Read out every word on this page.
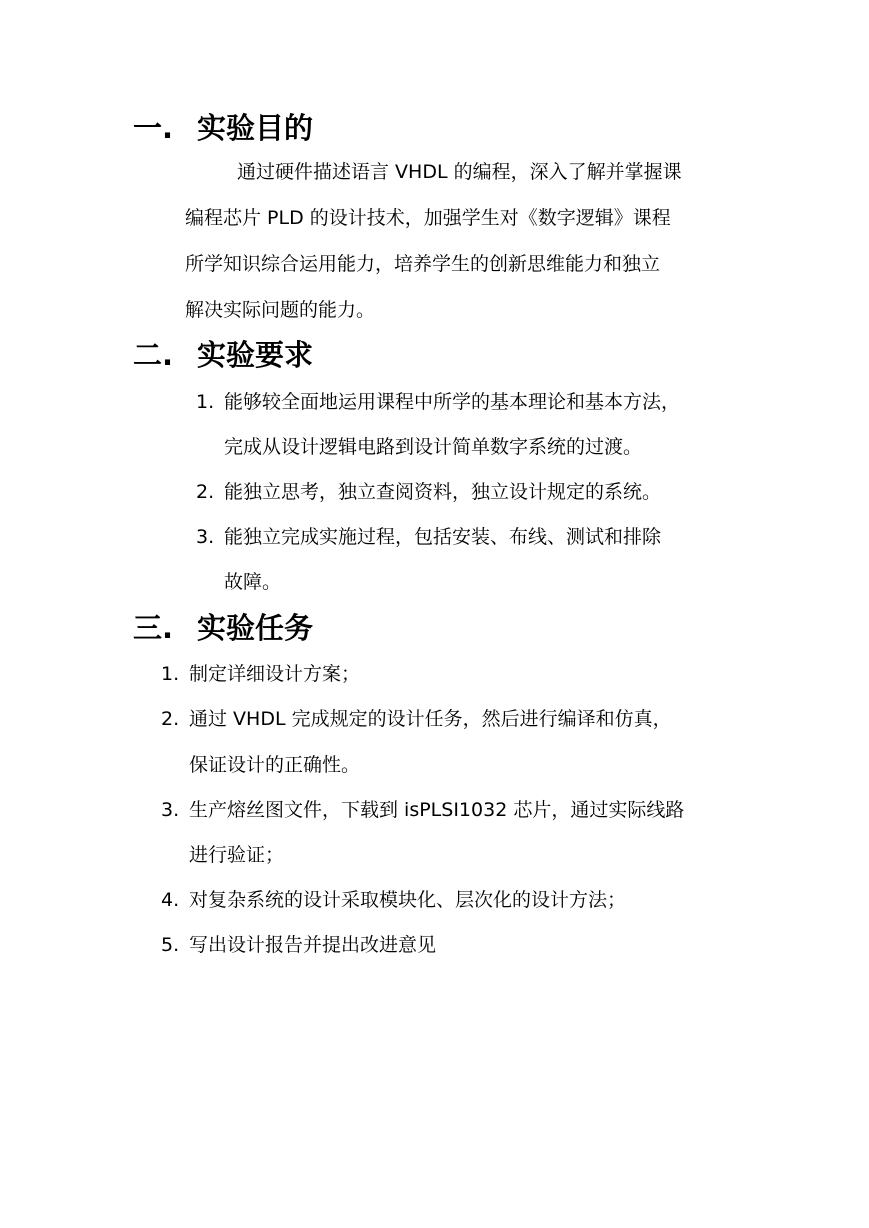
一. 实验目的
通过硬件描述语言 VHDL 的编程，深入了解并掌握课
编程芯片 PLD 的设计技术，加强学生对《数字逻辑》课程
所学知识综合运用能力，培养学生的创新思维能力和独立
解决实际问题的能力。
二. 实验要求
1. 能够较全面地运用课程中所学的基本理论和基本方法，
完成从设计逻辑电路到设计简单数字系统的过渡。
2. 能独立思考，独立查阅资料，独立设计规定的系统。
3. 能独立完成实施过程，包括安装、布线、测试和排除
故障。
三. 实验任务
1. 制定详细设计方案；
2. 通过 VHDL 完成规定的设计任务，然后进行编译和仿真，
保证设计的正确性。
3. 生产熔丝图文件，下载到 isPLSI1032 芯片，通过实际线路
进行验证；
4. 对复杂系统的设计采取模块化、层次化的设计方法；
5. 写出设计报告并提出改进意见
